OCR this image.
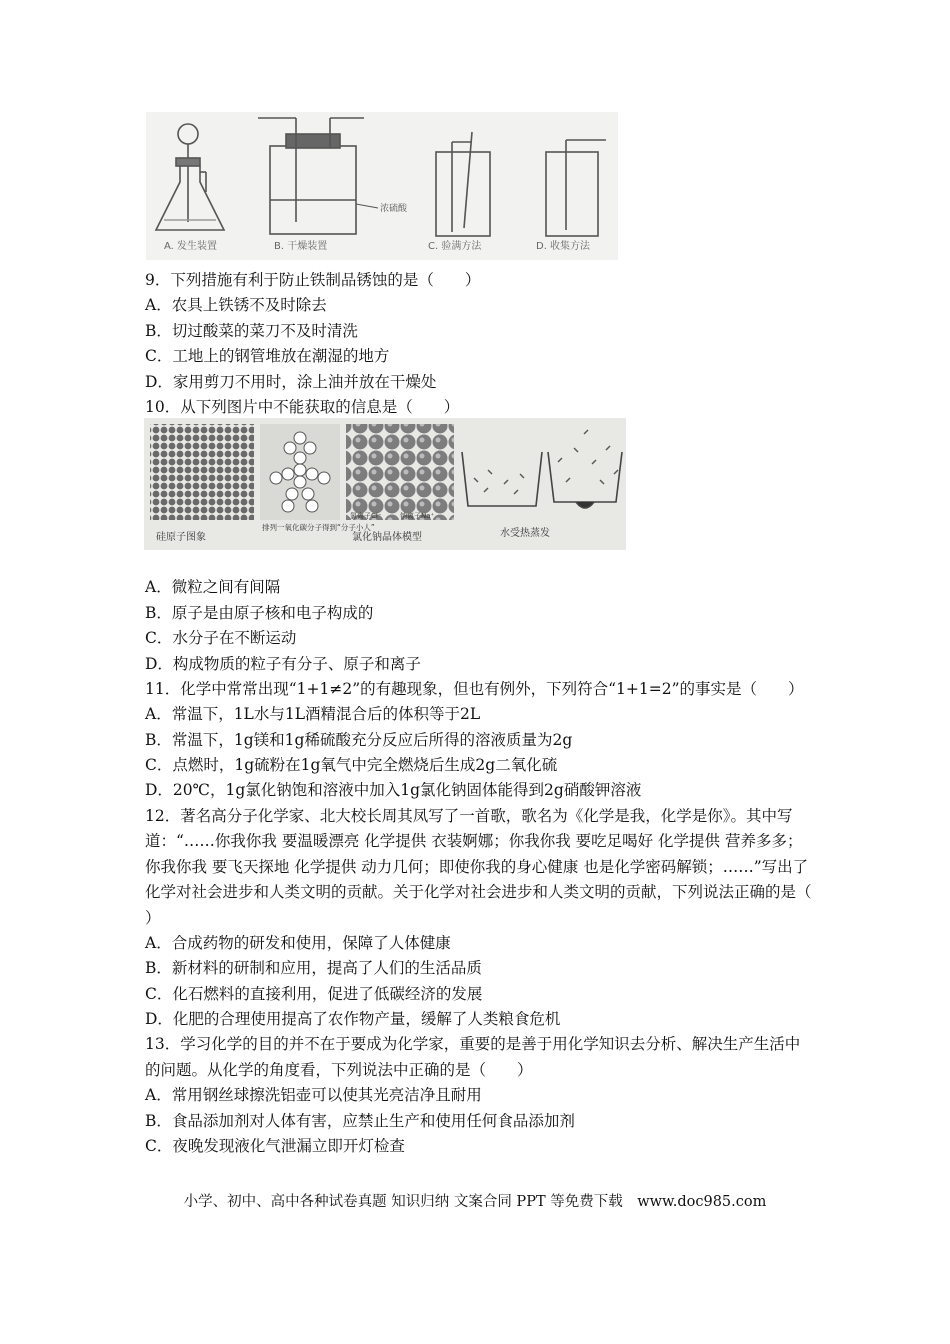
A. 发生装置
浓硫酸
B. 干燥装置	C. 验满方法	D. 收集方法
氯离子Cl⁻	钠离子Na⁺
硅原子图象
排列一氧化碳分子得到“分子小人”
氯化钠晶体模型	水受热蒸发
9．下列措施有利于防止铁制品锈蚀的是（　　）
A．农具上铁锈不及时除去
B．切过酸菜的菜刀不及时清洗
C．工地上的钢管堆放在潮湿的地方
D．家用剪刀不用时，涂上油并放在干燥处
10．从下列图片中不能获取的信息是（　　）
A．微粒之间有间隔
B．原子是由原子核和电子构成的
C．水分子在不断运动
D．构成物质的粒子有分子、原子和离子
11．化学中常常出现“1+1≠2”的有趣现象，但也有例外，下列符合“1+1=2”的事实是（　　）
A．常温下，1L水与1L酒精混合后的体积等于2L
B．常温下，1g镁和1g稀硫酸充分反应后所得的溶液质量为2g
C．点燃时，1g硫粉在1g氧气中完全燃烧后生成2g二氧化硫
D．20℃，1g氯化钠饱和溶液中加入1g氯化钠固体能得到2g硝酸钾溶液
12．著名高分子化学家、北大校长周其凤写了一首歌，歌名为《化学是我，化学是你》。其中写道：“……你我你我 要温暖漂亮 化学提供 衣装婀娜；你我你我 要吃足喝好 化学提供 营养多多；你我你我 要飞天探地 化学提供 动力几何；即使你我的身心健康 也是化学密码解锁；……”写出了化学对社会进步和人类文明的贡献。关于化学对社会进步和人类文明的贡献，下列说法正确的是（ ）
A．合成药物的研发和使用，保障了人体健康
B．新材料的研制和应用，提高了人们的生活品质
C．化石燃料的直接利用，促进了低碳经济的发展
D．化肥的合理使用提高了农作物产量，缓解了人类粮食危机
13．学习化学的目的并不在于要成为化学家，重要的是善于用化学知识去分析、解决生产生活中的问题。从化学的角度看，下列说法中正确的是（　　）
A．常用钢丝球擦洗铝壶可以使其光亮洁净且耐用
B．食品添加剂对人体有害，应禁止生产和使用任何食品添加剂
C．夜晚发现液化气泄漏立即开灯检查
小学、初中、高中各种试卷真题 知识归纳 文案合同 PPT 等免费下载　www.doc985.com
